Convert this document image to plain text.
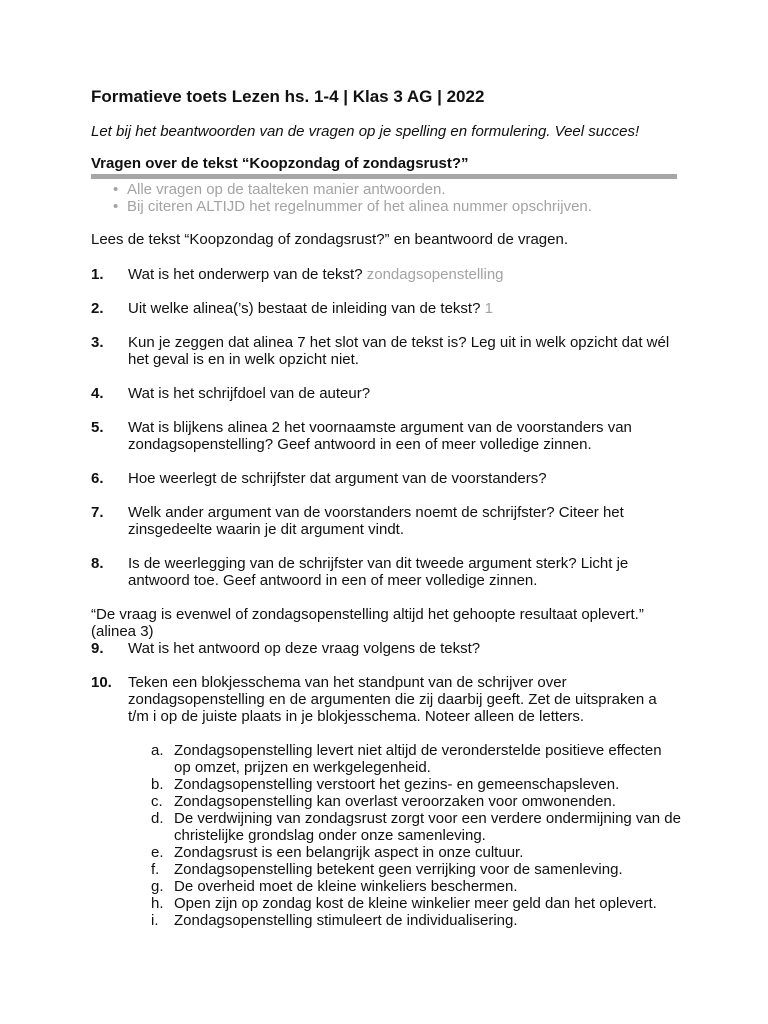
Formatieve toets Lezen hs. 1-4 | Klas 3 AG | 2022
Let bij het beantwoorden van de vragen op je spelling en formulering. Veel succes!
Vragen over de tekst “Koopzondag of zondagsrust?”
• Alle vragen op de taalteken manier antwoorden.
• Bij citeren ALTIJD het regelnummer of het alinea nummer opschrijven.
Lees de tekst “Koopzondag of zondagsrust?” en beantwoord de vragen.
1.	Wat is het onderwerp van de tekst? zondagsopenstelling
2.	Uit welke alinea(’s) bestaat de inleiding van de tekst? 1
3.	Kun je zeggen dat alinea 7 het slot van de tekst is? Leg uit in welk opzicht dat wél het geval is en in welk opzicht niet.
4.	Wat is het schrijfdoel van de auteur?
5.	Wat is blijkens alinea 2 het voornaamste argument van de voorstanders van zondagsopenstelling? Geef antwoord in een of meer volledige zinnen.
6.	Hoe weerlegt de schrijfster dat argument van de voorstanders?
7.	Welk ander argument van de voorstanders noemt de schrijfster? Citeer het zinsgedeelte waarin je dit argument vindt.
8.	Is de weerlegging van de schrijfster van dit tweede argument sterk? Licht je antwoord toe. Geef antwoord in een of meer volledige zinnen.
“De vraag is evenwel of zondagsopenstelling altijd het gehoopte resultaat oplevert.” (alinea 3)
9.	Wat is het antwoord op deze vraag volgens de tekst?
10.	Teken een blokjesschema van het standpunt van de schrijver over zondagsopenstelling en de argumenten die zij daarbij geeft. Zet de uitspraken a t/m i op de juiste plaats in je blokjesschema. Noteer alleen de letters.
a. Zondagsopenstelling levert niet altijd de veronderstelde positieve effecten op omzet, prijzen en werkgelegenheid.
b. Zondagsopenstelling verstoort het gezins- en gemeenschapsleven.
c. Zondagsopenstelling kan overlast veroorzaken voor omwonenden.
d. De verdwijning van zondagsrust zorgt voor een verdere ondermijning van de christelijke grondslag onder onze samenleving.
e. Zondagsrust is een belangrijk aspect in onze cultuur.
f. Zondagsopenstelling betekent geen verrijking voor de samenleving.
g. De overheid moet de kleine winkeliers beschermen.
h. Open zijn op zondag kost de kleine winkelier meer geld dan het oplevert.
i.	Zondagsopenstelling stimuleert de individualisering.
